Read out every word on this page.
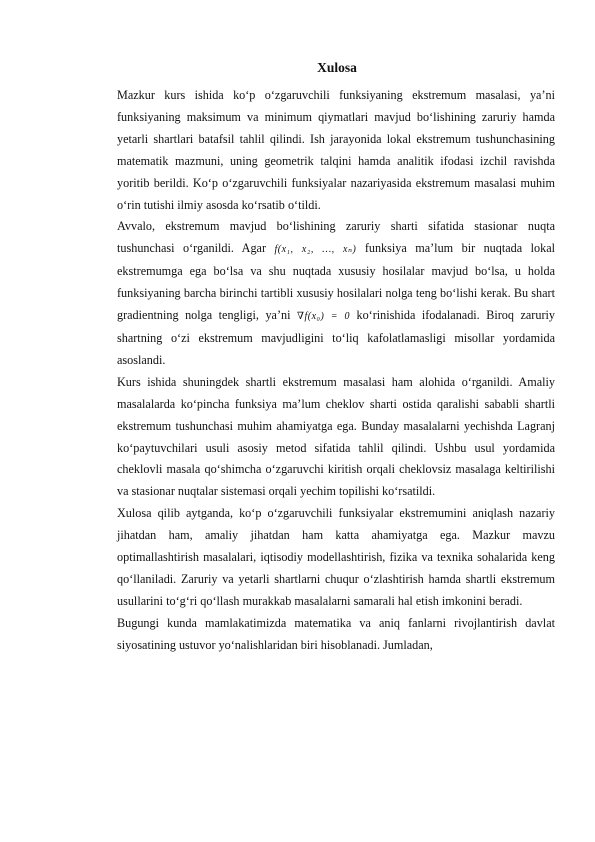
Xulosa

Mazkur kurs ishida ko‘p o‘zgaruvchili funksiyaning ekstremum masalasi, ya’ni funksiyaning maksimum va minimum qiymatlari mavjud bo‘lishining zaruriy hamda yetarli shartlari batafsil tahlil qilindi. Ish jarayonida lokal ekstremum tushunchasining matematik mazmuni, uning geometrik talqini hamda analitik ifodasi izchil ravishda yoritib berildi. Ko‘p o‘zgaruvchili funksiyalar nazariyasida ekstremum masalasi muhim o‘rin tutishi ilmiy asosda ko‘rsatib o‘tildi.

Avvalo, ekstremum mavjud bo‘lishining zaruriy sharti sifatida stasionar nuqta tushunchasi o‘rganildi. Agar f(x₁, x₂, …, xₙ) funksiya ma’lum bir nuqtada lokal ekstremumga ega bo‘lsa va shu nuqtada xususiy hosilalar mavjud bo‘lsa, u holda funksiyaning barcha birinchi tartibli xususiy hosilalari nolga teng bo‘lishi kerak. Bu shart gradientning nolga tengligi, ya’ni ∇f(x₀) = 0 ko‘rinishida ifodalanadi. Biroq zaruriy shartning o‘zi ekstremum mavjudligini to‘liq kafolatlamasligi misollar yordamida asoslandi.

Kurs ishida shuningdek shartli ekstremum masalasi ham alohida o‘rganildi. Amaliy masalalarda ko‘pincha funksiya ma’lum cheklov sharti ostida qaralishi sababli shartli ekstremum tushunchasi muhim ahamiyatga ega. Bunday masalalarni yechishda Lagranj ko‘paytuvchilari usuli asosiy metod sifatida tahlil qilindi. Ushbu usul yordamida cheklovli masala qo‘shimcha o‘zgaruvchi kiritish orqali cheklovsiz masalaga keltirilishi va stasionar nuqtalar sistemasi orqali yechim topilishi ko‘rsatildi.

Xulosa qilib aytganda, ko‘p o‘zgaruvchili funksiyalar ekstremumini aniqlash nazariy jihatdan ham, amaliy jihatdan ham katta ahamiyatga ega. Mazkur mavzu optimallashtirish masalalari, iqtisodiy modellashtirish, fizika va texnika sohalarida keng qo‘llaniladi. Zaruriy va yetarli shartlarni chuqur o‘zlashtirish hamda shartli ekstremum usullarini to‘g‘ri qo‘llash murakkab masalalarni samarali hal etish imkonini beradi.

Bugungi kunda mamlakatimizda matematika va aniq fanlarni rivojlantirish davlat siyosatining ustuvor yo‘nalishlaridan biri hisoblanadi. Jumladan,
